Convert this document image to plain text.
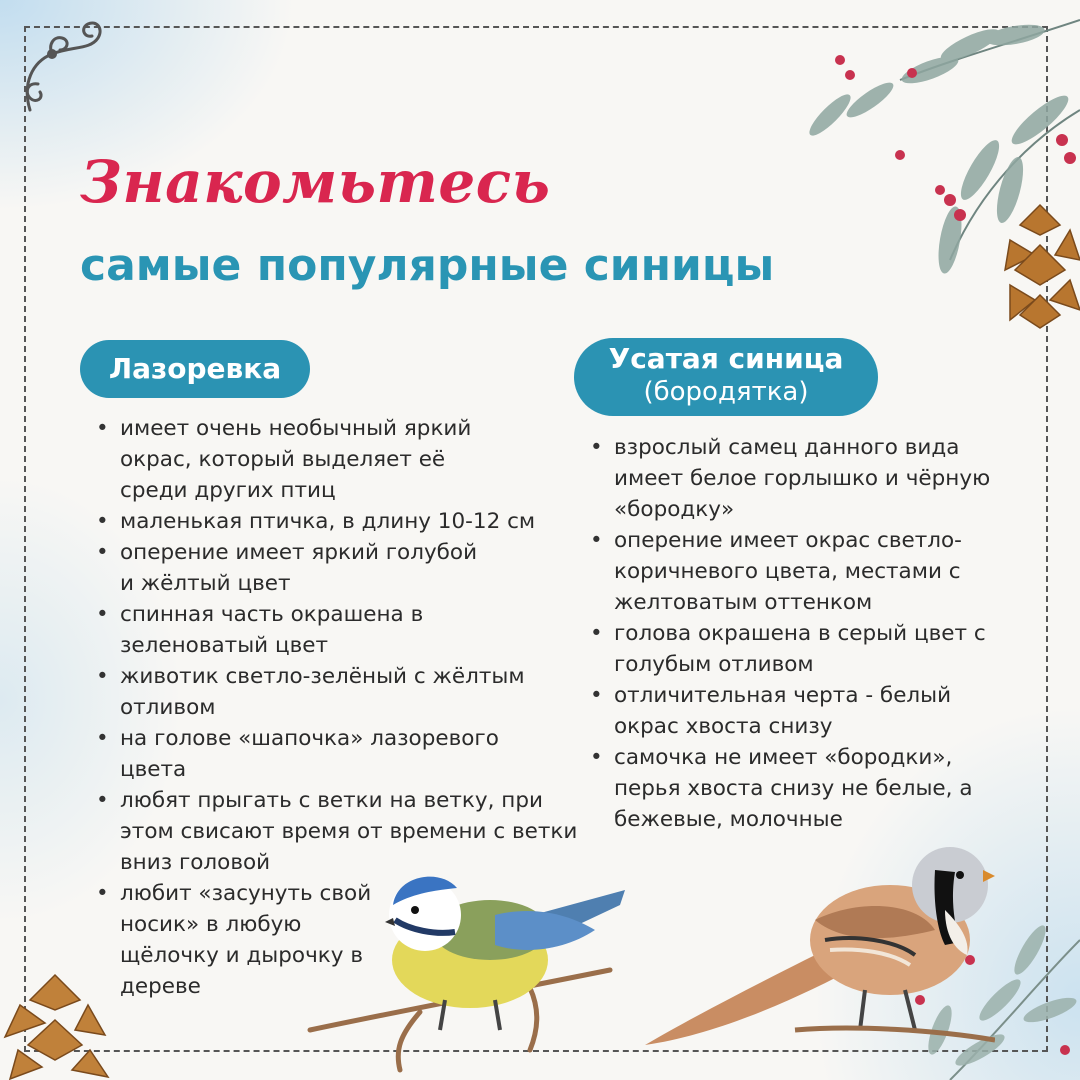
Знакомьтесь
самые популярные синицы
Лазоревка	Усатая синица
(бородятка)
• имеет очень необычный яркий окрас, который выделяет её среди других птиц
• маленькая птичка, в длину 10-12 см
• оперение имеет яркий голубой и жёлтый цвет
• спинная часть окрашена в зеленоватый цвет
• животик светло-зелёный с жёлтым отливом
• на голове «шапочка» лазоревого цвета
• любят прыгать с ветки на ветку, при этом свисают время от времени с ветки вниз головой
• любит «засунуть свой носик» в любую щёлочку и дырочку в дереве
• взрослый самец данного вида имеет белое горлышко и чёрную «бородку»
• оперение имеет окрас светло-коричневого цвета, местами с желтоватым оттенком
• голова окрашена в серый цвет с голубым отливом
• отличительная черта - белый окрас хвоста снизу
• самочка не имеет «бородки», перья хвоста снизу не белые, а бежевые, молочные
